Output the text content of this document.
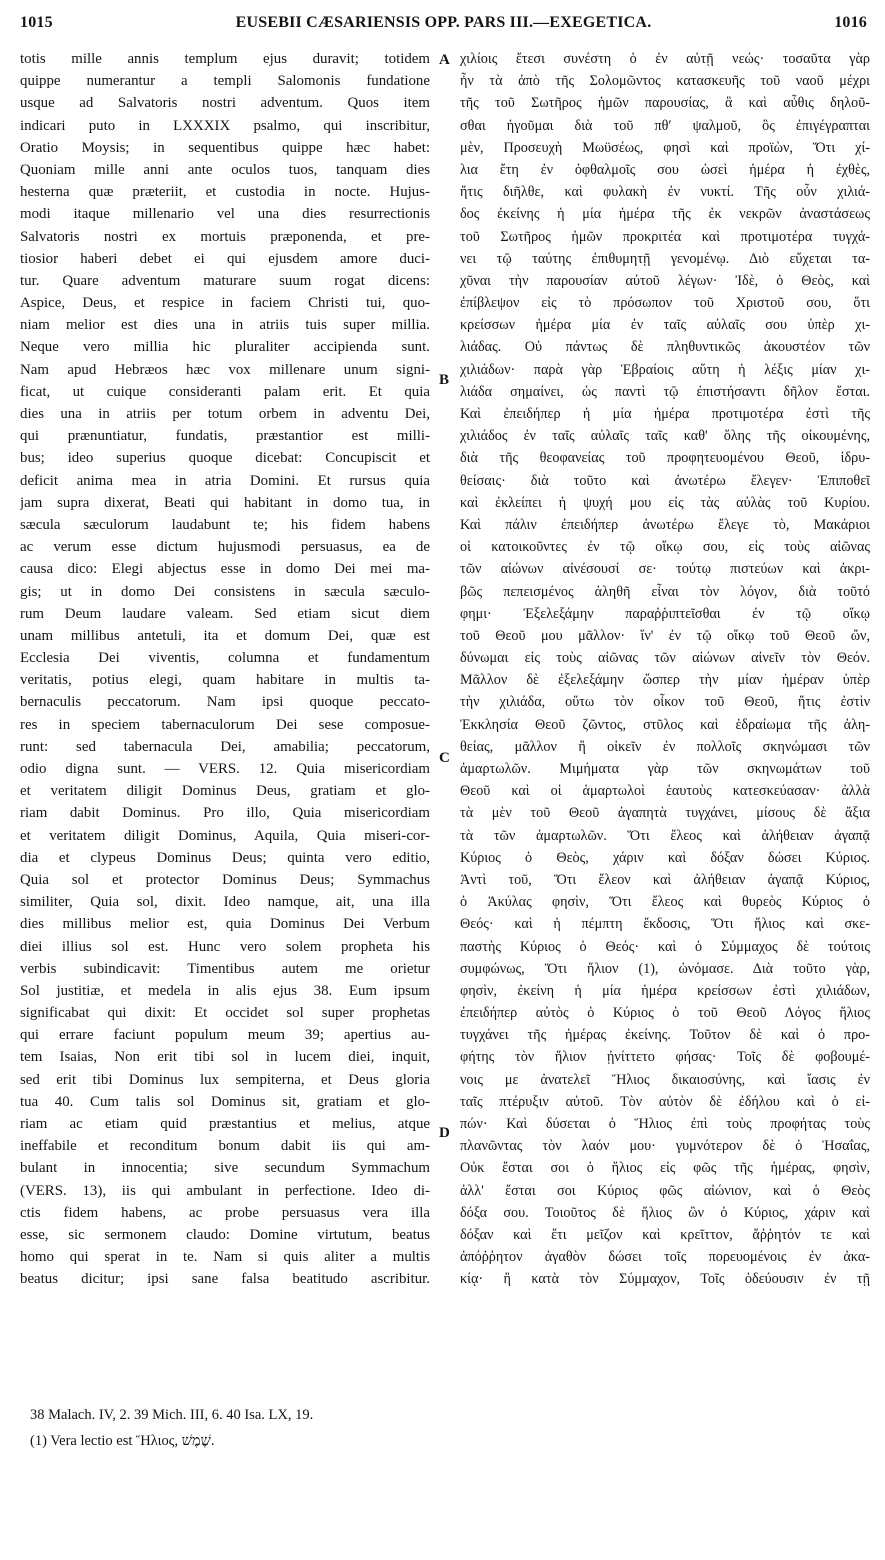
1015	EUSEBII CÆSARIENSIS OPP. PARS III.—EXEGETICA.	1016
totis mille annis templum ejus duravit; totidem
quippe numerantur a templi Salomonis fundatione
usque ad Salvatoris nostri adventum. Quos item
indicari puto in LXXXIX psalmo, qui inscribitur,
Oratio Moysis; in sequentibus quippe hæc habet:
Quoniam mille anni ante oculos tuos, tanquam dies
hesterna quæ præteriit, et custodia in nocte. Hujus-
modi itaque millenario vel una dies resurrectionis
Salvatoris nostri ex mortuis præponenda, et pre-
tiosior haberi debet ei qui ejusdem amore duci-
tur. Quare adventum maturare suum rogat dicens:
Aspice, Deus, et respice in faciem Christi tui, quo-
niam melior est dies una in atriis tuis super millia.
Neque vero millia hic pluraliter accipienda sunt.
Nam apud Hebræos hæc vox millenare unum signi-
ficat, ut cuique consideranti palam erit. Et quia
dies una in atriis per totum orbem in adventu Dei,
qui prænuntiatur, fundatis, præstantior est milli-
bus; ideo superius quoque dicebat: Concupiscit et
deficit anima mea in atria Domini. Et rursus quia
jam supra dixerat, Beati qui habitant in domo tua, in
sæcula sæculorum laudabunt te; his fidem habens
ac verum esse dictum hujusmodi persuasus, ea de
causa dico: Elegi abjectus esse in domo Dei mei ma-
gis; ut in domo Dei consistens in sæcula sæculo-
rum Deum laudare valeam. Sed etiam sicut diem
unam millibus antetuli, ita et domum Dei, quæ est
Ecclesia Dei viventis, columna et fundamentum
veritatis, potius elegi, quam habitare in multis ta-
bernaculis peccatorum. Nam ipsi quoque peccato-
res in speciem tabernaculorum Dei sese composue-
runt: sed tabernacula Dei, amabilia; peccatorum,
odio digna sunt. — VERS. 12. Quia misericordiam
et veritatem diligit Dominus Deus, gratiam et glo-
riam dabit Dominus. Pro illo, Quia misericordiam
et veritatem diligit Dominus, Aquila, Quia miseri-cor-
dia et clypeus Dominus Deus; quinta vero editio,
Quia sol et protector Dominus Deus; Symmachus
similiter, Quia sol, dixit. Ideo namque, ait, una illa
dies millibus melior est, quia Dominus Dei Verbum
diei illius sol est. Hunc vero solem propheta his
verbis subindicavit: Timentibus autem me orietur
Sol justitiæ, et medela in alis ejus 38. Eum ipsum
significabat qui dixit: Et occidet sol super prophetas
qui errare faciunt populum meum 39; apertius au-
tem Isaias, Non erit tibi sol in lucem diei, inquit,
sed erit tibi Dominus lux sempiterna, et Deus gloria
tua 40. Cum talis sol Dominus sit, gratiam et glo-
riam ac etiam quid præstantius et melius, atque
ineffabile et reconditum bonum dabit iis qui am-
bulant in innocentia; sive secundum Symmachum
(VERS. 13), iis qui ambulant in perfectione. Ideo di-
ctis fidem habens, ac probe persuasus vera illa
esse, sic sermonem claudo: Domine virtutum, beatus
homo qui sperat in te. Nam si quis aliter a multis
beatus dicitur; ipsi sane falsa beatitudo ascribitur.
χιλίοις ἔτεσι συνέστη ὁ ἐν αὐτῇ νεώς· τοσαῦτα γὰρ
ἦν τὰ ἀπὸ τῆς Σολομῶντος κατασκευῆς τοῦ ναοῦ μέχρι
τῆς τοῦ Σωτῆρος ἡμῶν παρουσίας, ἃ καὶ αὖθις δηλοῦ-
σθαι ἡγοῦμαι διὰ τοῦ πθʹ ψαλμοῦ, ὃς ἐπιγέγραπται
μὲν, Προσευχὴ Μωϋσέως, φησὶ καὶ προϊὼν, Ὅτι χί-
λια ἔτη ἐν ὀφθαλμοῖς σου ὡσεὶ ἡμέρα ἡ ἐχθὲς,
ἥτις διῆλθε, καὶ φυλακὴ ἐν νυκτί. Τῆς οὖν χιλιά-
δος ἐκείνης ἡ μία ἡμέρα τῆς ἐκ νεκρῶν ἀναστάσεως
τοῦ Σωτῆρος ἡμῶν προκριτέα καὶ προτιμοτέρα τυγχά-
νει τῷ ταύτης ἐπιθυμητῇ γενομένῳ. Διὸ εὔχεται τα-
χῦναι τὴν παρουσίαν αὐτοῦ λέγων· Ἰδὲ, ὁ Θεὸς, καὶ
ἐπίβλεψον εἰς τὸ πρόσωπον τοῦ Χριστοῦ σου, ὅτι
κρείσσων ἡμέρα μία ἐν ταῖς αὐλαῖς σου ὑπὲρ χι-
λιάδας. Οὐ πάντως δὲ πληθυντικῶς ἀκουστέον τῶν
χιλιάδων· παρὰ γὰρ Ἑβραίοις αὕτη ἡ λέξις μίαν χι-
λιάδα σημαίνει, ὡς παντὶ τῷ ἐπιστήσαντι δῆλον ἔσται.
Καὶ ἐπειδήπερ ἡ μία ἡμέρα προτιμοτέρα ἐστὶ τῆς
χιλιάδος ἐν ταῖς αὐλαῖς ταῖς καθ' ὅλης τῆς οἰκουμένης,
διὰ τῆς θεοφανείας τοῦ προφητευομένου Θεοῦ, ἱδρυ-
θείσαις· διὰ τοῦτο καὶ ἀνωτέρω ἔλεγεν· Ἐπιποθεῖ
καὶ ἐκλείπει ἡ ψυχή μου εἰς τὰς αὐλὰς τοῦ Κυρίου.
Καὶ πάλιν ἐπειδήπερ ἀνωτέρω ἔλεγε τὸ, Μακάριοι
οἱ κατοικοῦντες ἐν τῷ οἴκῳ σου, εἰς τοὺς αἰῶνας
τῶν αἰώνων αἰνέσουσί σε· τούτῳ πιστεύων καὶ ἀκρι-
βῶς πεπεισμένος ἀληθῆ εἶναι τὸν λόγον, διὰ τοῦτό
φημι· Ἐξελεξάμην παραῤῥιπτεῖσθαι ἐν τῷ οἴκῳ
τοῦ Θεοῦ μου μᾶλλον· ἵν' ἐν τῷ οἴκῳ τοῦ Θεοῦ ὤν,
δύνωμαι εἰς τοὺς αἰῶνας τῶν αἰώνων αἰνεῖν τὸν Θεόν.
Μᾶλλον δὲ ἐξελεξάμην ὥσπερ τὴν μίαν ἡμέραν ὑπὲρ
τὴν χιλιάδα, οὕτω τὸν οἶκον τοῦ Θεοῦ, ἥτις ἐστὶν
Ἐκκλησία Θεοῦ ζῶντος, στῦλος καὶ ἑδραίωμα τῆς ἀλη-
θείας, μᾶλλον ἢ οἰκεῖν ἐν πολλοῖς σκηνώμασι τῶν
ἁμαρτωλῶν. Μιμήματα γὰρ τῶν σκηνωμάτων τοῦ
Θεοῦ καὶ οἱ ἁμαρτωλοὶ ἑαυτοὺς κατεσκεύασαν· ἀλλὰ
τὰ μὲν τοῦ Θεοῦ ἀγαπητὰ τυγχάνει, μίσους δὲ ἄξια
τὰ τῶν ἁμαρτωλῶν. Ὅτι ἔλεος καὶ ἀλήθειαν ἀγαπᾷ
Κύριος ὁ Θεὸς, χάριν καὶ δόξαν δώσει Κύριος.
Ἀντὶ τοῦ, Ὅτι ἔλεον καὶ ἀλήθειαν ἀγαπᾷ Κύριος,
ὁ Ἀκύλας φησὶν, Ὅτι ἔλεος καὶ θυρεὸς Κύριος ὁ
Θεός· καὶ ἡ πέμπτη ἔκδοσις, Ὅτι ἥλιος καὶ σκε-
παστὴς Κύριος ὁ Θεός· καὶ ὁ Σύμμαχος δὲ τούτοις
συμφώνως, Ὅτι ἥλιον (1), ὠνόμασε. Διὰ τοῦτο γὰρ,
φησὶν, ἐκείνη ἡ μία ἡμέρα κρείσσων ἐστὶ χιλιάδων,
ἐπειδήπερ αὐτὸς ὁ Κύριος ὁ τοῦ Θεοῦ Λόγος ἥλιος
τυγχάνει τῆς ἡμέρας ἐκείνης. Τοῦτον δὲ καὶ ὁ προ-
φήτης τὸν ἥλιον ᾐνίττετο φήσας· Τοῖς δὲ φοβουμέ-
νοις με ἀνατελεῖ Ἥλιος δικαιοσύνης, καὶ ἴασις ἐν
ταῖς πτέρυξιν αὐτοῦ. Τὸν αὐτὸν δὲ ἐδήλου καὶ ὁ εἰ-
πών· Καὶ δύσεται ὁ Ἥλιος ἐπὶ τοὺς προφήτας τοὺς
πλανῶντας τὸν λαόν μου· γυμνότερον δὲ ὁ Ἡσαΐας,
Οὐκ ἔσται σοι ὁ ἥλιος εἰς φῶς τῆς ἡμέρας, φησὶν,
ἀλλ' ἔσται σοι Κύριος φῶς αἰώνιον, καὶ ὁ Θεὸς
δόξα σου. Τοιοῦτος δὲ ἥλιος ὢν ὁ Κύριος, χάριν καὶ
δόξαν καὶ ἔτι μεῖζον καὶ κρεῖττον, ἄῤῥητόν τε καὶ
ἀπόῤῥητον ἀγαθὸν δώσει τοῖς πορευομένοις ἐν ἀκα-
κίᾳ· ἢ κατὰ τὸν Σύμμαχον, Τοῖς ὁδεύουσιν ἐν τῇ
A
B
C
D
38 Malach. IV, 2. 39 Mich. III, 6. 40 Isa. LX, 19.
(1) Vera lectio est Ἥλιος, שֶׁמֶשׁ.
